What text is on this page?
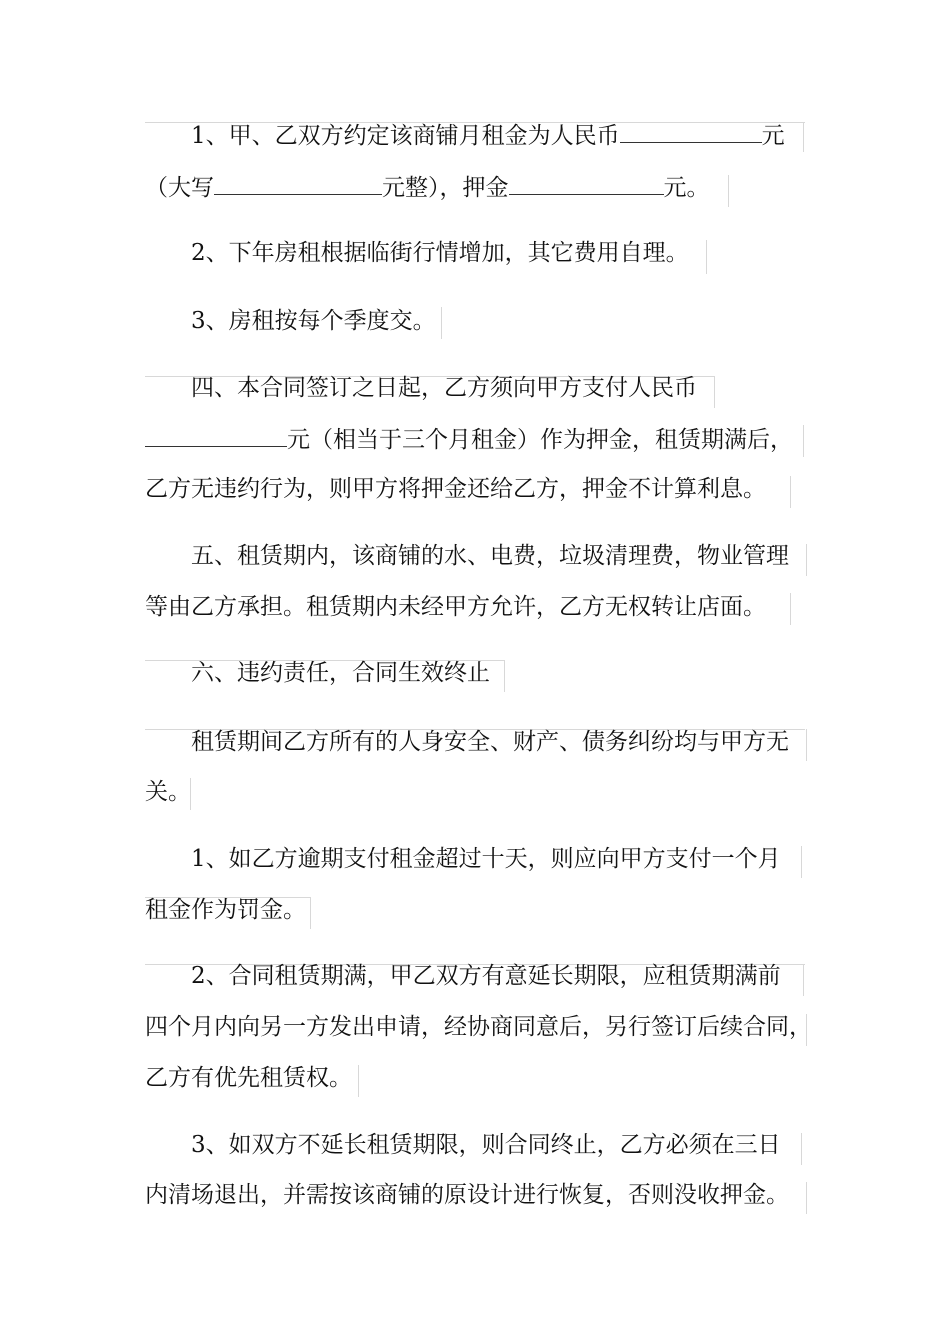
1、甲、乙双方约定该商铺月租金为人民币	元
（大写	元整），押金	元。
2、下年房租根据临街行情增加，其它费用自理。
3、房租按每个季度交。
四、本合同签订之日起，乙方须向甲方支付人民币
元（相当于三个月租金）作为押金，租赁期满后，
乙方无违约行为，则甲方将押金还给乙方，押金不计算利息。
五、租赁期内，该商铺的水、电费，垃圾清理费，物业管理
等由乙方承担。租赁期内未经甲方允许，乙方无权转让店面。
六、违约责任，合同生效终止
租赁期间乙方所有的人身安全、财产、债务纠纷均与甲方无
关。
1、如乙方逾期支付租金超过十天，则应向甲方支付一个月
租金作为罚金。
2、合同租赁期满，甲乙双方有意延长期限，应租赁期满前
四个月内向另一方发出申请，经协商同意后，另行签订后续合同，
乙方有优先租赁权。
3、如双方不延长租赁期限，则合同终止，乙方必须在三日
内清场退出，并需按该商铺的原设计进行恢复，否则没收押金。
